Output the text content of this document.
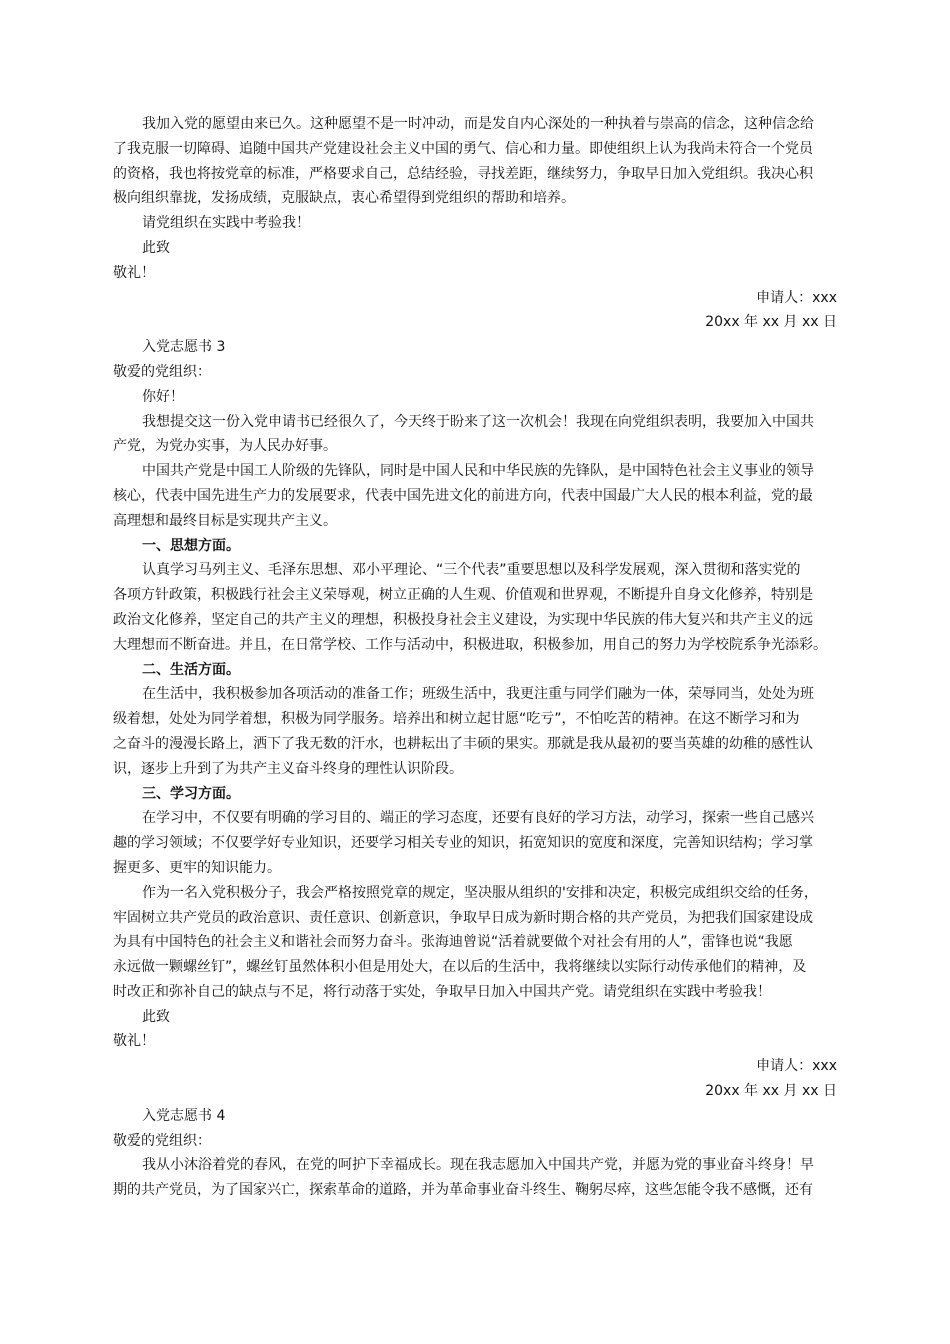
我加入党的愿望由来已久。这种愿望不是一时冲动，而是发自内心深处的一种执着与崇高的信念，这种信念给
了我克服一切障碍、追随中国共产党建设社会主义中国的勇气、信心和力量。即使组织上认为我尚未符合一个党员
的资格，我也将按党章的标准，严格要求自己，总结经验，寻找差距，继续努力，争取早日加入党组织。我决心积
极向组织靠拢，发扬成绩，克服缺点，衷心希望得到党组织的帮助和培养。
请党组织在实践中考验我！
此致
敬礼！
申请人：xxx
20xx 年 xx 月 xx 日
入党志愿书 3
敬爱的党组织：
你好！
我想提交这一份入党申请书已经很久了，今天终于盼来了这一次机会！我现在向党组织表明，我要加入中国共
产党，为党办实事，为人民办好事。
中国共产党是中国工人阶级的先锋队，同时是中国人民和中华民族的先锋队，是中国特色社会主义事业的领导
核心，代表中国先进生产力的发展要求，代表中国先进文化的前进方向，代表中国最广大人民的根本利益，党的最
高理想和最终目标是实现共产主义。
一、思想方面。
认真学习马列主义、毛泽东思想、邓小平理论、“三个代表”重要思想以及科学发展观，深入贯彻和落实党的
各项方针政策，积极践行社会主义荣辱观，树立正确的人生观、价值观和世界观，不断提升自身文化修养，特别是
政治文化修养，坚定自己的共产主义的理想，积极投身社会主义建设，为实现中华民族的伟大复兴和共产主义的远
大理想而不断奋进。并且，在日常学校、工作与活动中，积极进取，积极参加，用自己的努力为学校院系争光添彩。
二、生活方面。
在生活中，我积极参加各项活动的准备工作；班级生活中，我更注重与同学们融为一体，荣辱同当，处处为班
级着想，处处为同学着想，积极为同学服务。培养出和树立起甘愿“吃亏”，不怕吃苦的精神。在这不断学习和为
之奋斗的漫漫长路上，洒下了我无数的汗水，也耕耘出了丰硕的果实。那就是我从最初的要当英雄的幼稚的感性认
识，逐步上升到了为共产主义奋斗终身的理性认识阶段。
三、学习方面。
在学习中，不仅要有明确的学习目的、端正的学习态度，还要有良好的学习方法，动学习，探索一些自己感兴
趣的学习领域；不仅要学好专业知识，还要学习相关专业的知识，拓宽知识的宽度和深度，完善知识结构；学习掌
握更多、更牢的知识能力。
作为一名入党积极分子，我会严格按照党章的规定，坚决服从组织的'安排和决定，积极完成组织交给的任务，
牢固树立共产党员的政治意识、责任意识、创新意识，争取早日成为新时期合格的共产党员，为把我们国家建设成
为具有中国特色的社会主义和谐社会而努力奋斗。张海迪曾说“活着就要做个对社会有用的人”，雷锋也说“我愿
永远做一颗螺丝钉”，螺丝钉虽然体积小但是用处大，在以后的生活中，我将继续以实际行动传承他们的精神，及
时改正和弥补自己的缺点与不足，将行动落于实处，争取早日加入中国共产党。请党组织在实践中考验我！
此致
敬礼！
申请人：xxx
20xx 年 xx 月 xx 日
入党志愿书 4
敬爱的党组织：
我从小沐浴着党的春风，在党的呵护下幸福成长。现在我志愿加入中国共产党，并愿为党的事业奋斗终身！早
期的共产党员，为了国家兴亡，探索革命的道路，并为革命事业奋斗终生、鞠躬尽瘁，这些怎能令我不感慨，还有
